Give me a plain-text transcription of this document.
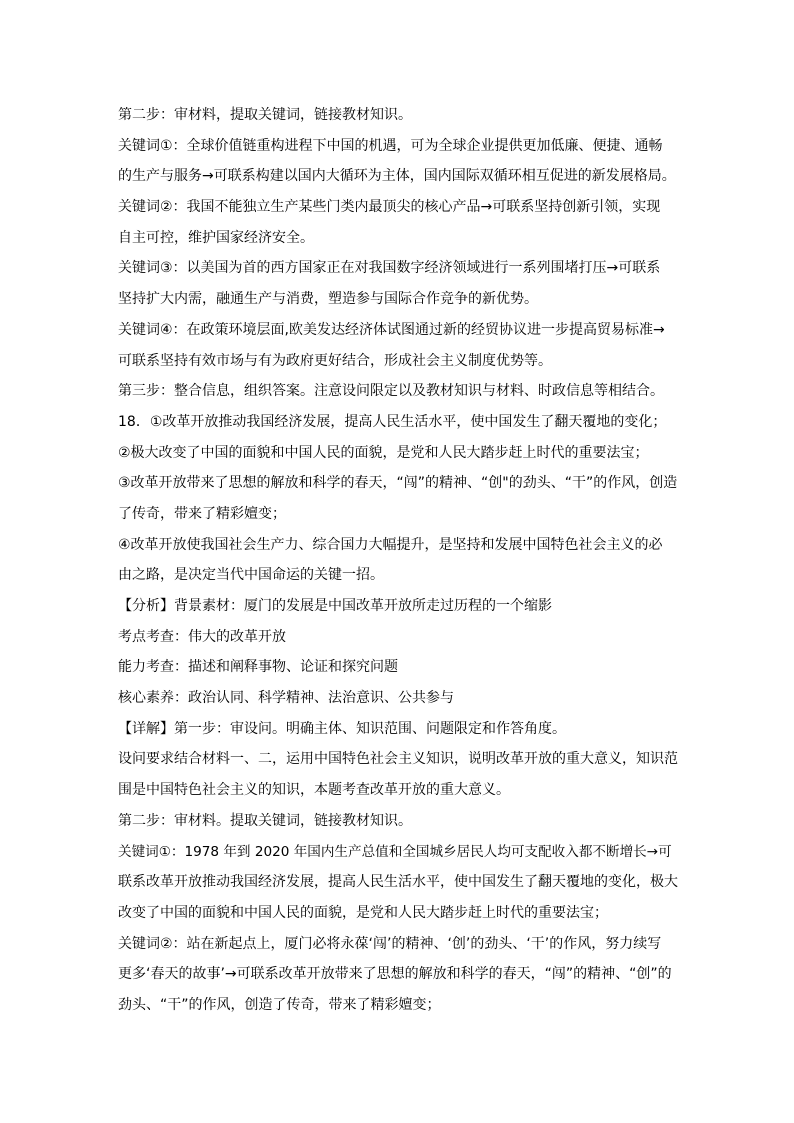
第二步：审材料，提取关键词，链接教材知识。
关键词①：全球价值链重构进程下中国的机遇，可为全球企业提供更加低廉、便捷、通畅
的生产与服务→可联系构建以国内大循环为主体，国内国际双循环相互促进的新发展格局。
关键词②：我国不能独立生产某些门类内最顶尖的核心产品→可联系坚持创新引领，实现
自主可控，维护国家经济安全。
关键词③：以美国为首的西方国家正在对我国数字经济领域进行一系列围堵打压→可联系
坚持扩大内需，融通生产与消费，塑造参与国际合作竞争的新优势。
关键词④：在政策环境层面,欧美发达经济体试图通过新的经贸协议进一步提高贸易标准→
可联系坚持有效市场与有为政府更好结合，形成社会主义制度优势等。
第三步：整合信息，组织答案。注意设问限定以及教材知识与材料、时政信息等相结合。
18．①改革开放推动我国经济发展，提高人民生活水平，使中国发生了翻天覆地的变化；
②极大改变了中国的面貌和中国人民的面貌，是党和人民大踏步赶上时代的重要法宝；
③改革开放带来了思想的解放和科学的春天，“闯”的精神、“创"的劲头、“干”的作风，创造
了传奇，带来了精彩嬗变；
④改革开放使我国社会生产力、综合国力大幅提升，是坚持和发展中国特色社会主义的必
由之路，是决定当代中国命运的关键一招。
【分析】背景素材：厦门的发展是中国改革开放所走过历程的一个缩影
考点考查：伟大的改革开放
能力考查：描述和阐释事物、论证和探究问题
核心素养：政治认同、科学精神、法治意识、公共参与
【详解】第一步：审设问。明确主体、知识范围、问题限定和作答角度。
设问要求结合材料一、二，运用中国特色社会主义知识，说明改革开放的重大意义，知识范
围是中国特色社会主义的知识，本题考查改革开放的重大意义。
第二步：审材料。提取关键词，链接教材知识。
关键词①：1978 年到 2020 年国内生产总值和全国城乡居民人均可支配收入都不断增长→可
联系改革开放推动我国经济发展，提高人民生活水平，使中国发生了翻天覆地的变化，极大
改变了中国的面貌和中国人民的面貌，是党和人民大踏步赶上时代的重要法宝；
关键词②：站在新起点上，厦门必将永葆‘闯’的精神、‘创’的劲头、‘干’的作风，努力续写
更多‘春天的故事’→可联系改革开放带来了思想的解放和科学的春天，“闯”的精神、“创”的
劲头、“干”的作风，创造了传奇，带来了精彩嬗变；
